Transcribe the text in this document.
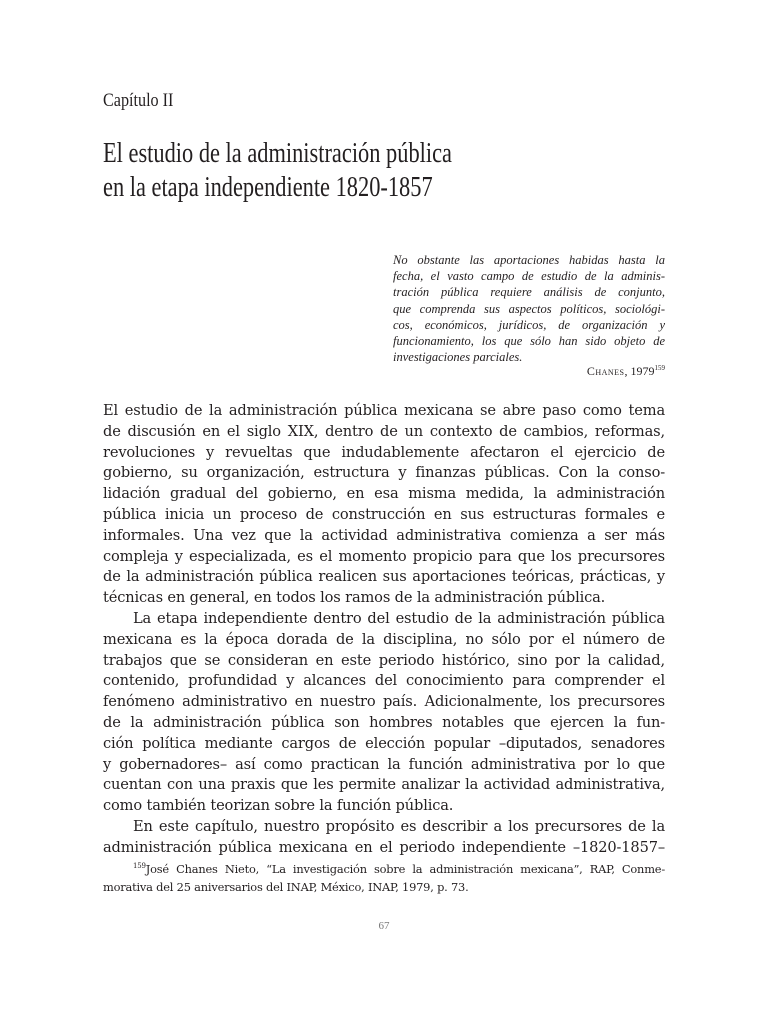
Capítulo II
El estudio de la administración pública
en la etapa independiente 1820-1857
No obstante las aportaciones habidas hasta la
fecha, el vasto campo de estudio de la adminis-
tración pública requiere análisis de conjunto,
que comprenda sus aspectos políticos, sociológi-
cos, económicos, jurídicos, de organización y
funcionamiento, los que sólo han sido objeto de
investigaciones parciales.
Chanes, 1979$^{159}$
El estudio de la administración pública mexicana se abre paso como tema
de discusión en el siglo XIX, dentro de un contexto de cambios, reformas,
revoluciones y revueltas que indudablemente afectaron el ejercicio de
gobierno, su organización, estructura y finanzas públicas. Con la conso-
lidación gradual del gobierno, en esa misma medida, la administración
pública inicia un proceso de construcción en sus estructuras formales e
informales. Una vez que la actividad administrativa comienza a ser más
compleja y especializada, es el momento propicio para que los precursores
de la administración pública realicen sus aportaciones teóricas, prácticas, y
técnicas en general, en todos los ramos de la administración pública.
La etapa independiente dentro del estudio de la administración pública
mexicana es la época dorada de la disciplina, no sólo por el número de
trabajos que se consideran en este periodo histórico, sino por la calidad,
contenido, profundidad y alcances del conocimiento para comprender el
fenómeno administrativo en nuestro país. Adicionalmente, los precursores
de la administración pública son hombres notables que ejercen la fun-
ción política mediante cargos de elección popular –diputados, senadores
y gobernadores– así como practican la función administrativa por lo que
cuentan con una praxis que les permite analizar la actividad administrativa,
como también teorizan sobre la función pública.
En este capítulo, nuestro propósito es describir a los precursores de la
administración pública mexicana en el periodo independiente –1820-1857–
$^{159}$José Chanes Nieto, “La investigación sobre la administración mexicana”, RAP, Conme-
morativa del 25 aniversarios del INAP, México, INAP, 1979, p. 73.
67
